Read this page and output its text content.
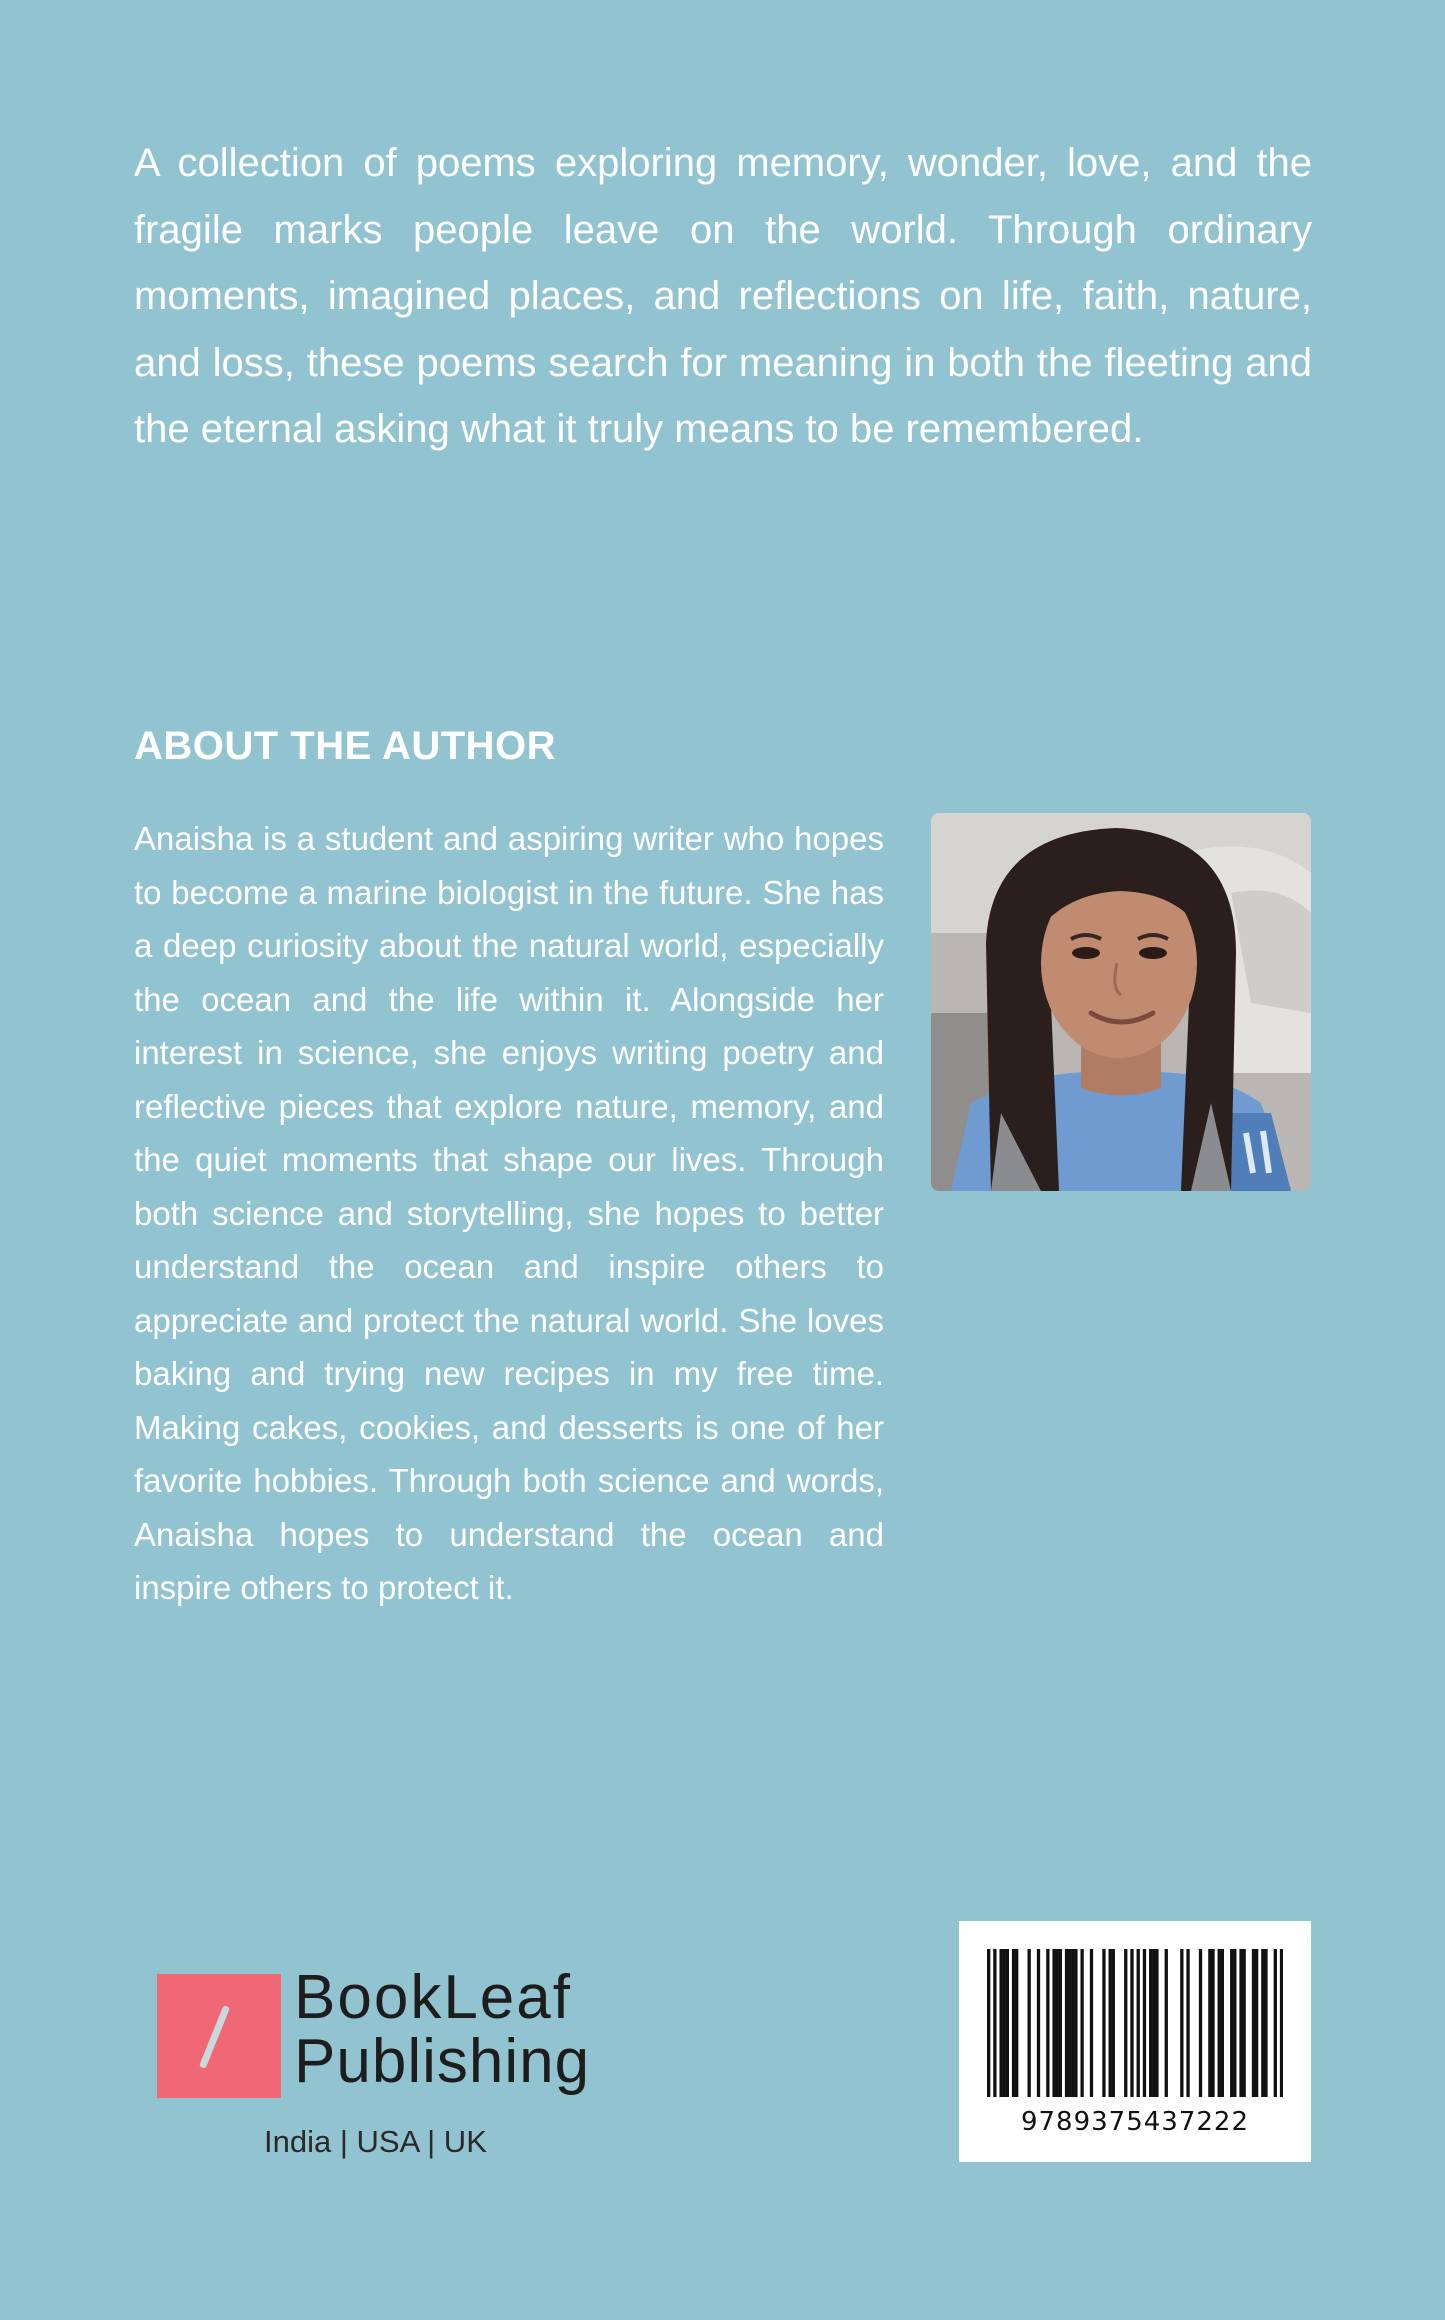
A collection of poems exploring memory, wonder, love, and the fragile marks people leave on the world. Through ordinary moments, imagined places, and reflections on life, faith, nature, and loss, these poems search for meaning in both the fleeting and the eternal asking what it truly means to be remembered.

ABOUT THE AUTHOR

Anaisha is a student and aspiring writer who hopes to become a marine biologist in the future. She has a deep curiosity about the natural world, especially the ocean and the life within it. Alongside her interest in science, she enjoys writing poetry and reflective pieces that explore nature, memory, and the quiet moments that shape our lives. Through both science and storytelling, she hopes to better understand the ocean and inspire others to appreciate and protect the natural world. She loves baking and trying new recipes in my free time. Making cakes, cookies, and desserts is one of her favorite hobbies. Through both science and words, Anaisha hopes to understand the ocean and inspire others to protect it.

BookLeaf
Publishing
India | USA | UK
9789375437222
